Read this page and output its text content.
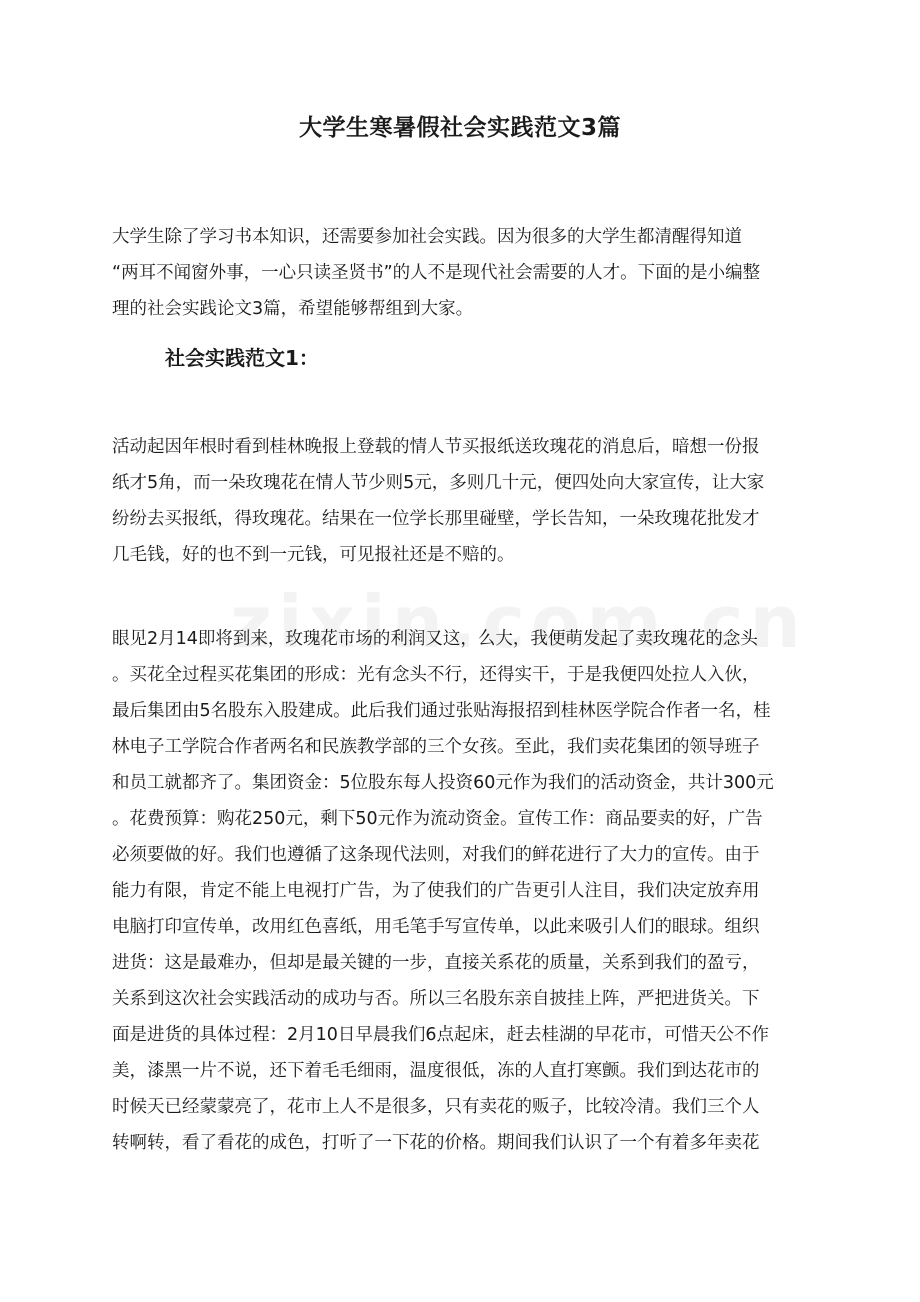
大学生寒暑假社会实践范文3篇

大学生除了学习书本知识，还需要参加社会实践。因为很多的大学生都清醒得知道
“两耳不闻窗外事，一心只读圣贤书”的人不是现代社会需要的人才。下面的是小编整
理的社会实践论文3篇，希望能够帮组到大家。

社会实践范文1：

活动起因年根时看到桂林晚报上登载的情人节买报纸送玫瑰花的消息后，暗想一份报
纸才5角，而一朵玫瑰花在情人节少则5元，多则几十元，便四处向大家宣传，让大家
纷纷去买报纸，得玫瑰花。结果在一位学长那里碰壁，学长告知，一朵玫瑰花批发才
几毛钱，好的也不到一元钱，可见报社还是不赔的。

眼见2月14即将到来，玫瑰花市场的利润又这，么大，我便萌发起了卖玫瑰花的念头
。买花全过程买花集团的形成：光有念头不行，还得实干，于是我便四处拉人入伙，
最后集团由5名股东入股建成。此后我们通过张贴海报招到桂林医学院合作者一名，桂
林电子工学院合作者两名和民族教学部的三个女孩。至此，我们卖花集团的领导班子
和员工就都齐了。集团资金：5位股东每人投资60元作为我们的活动资金，共计300元
。花费预算：购花250元，剩下50元作为流动资金。宣传工作：商品要卖的好，广告
必须要做的好。我们也遵循了这条现代法则，对我们的鲜花进行了大力的宣传。由于
能力有限，肯定不能上电视打广告，为了使我们的广告更引人注目，我们决定放弃用
电脑打印宣传单，改用红色喜纸，用毛笔手写宣传单，以此来吸引人们的眼球。组织
进货：这是最难办，但却是最关键的一步，直接关系花的质量，关系到我们的盈亏，
关系到这次社会实践活动的成功与否。所以三名股东亲自披挂上阵，严把进货关。下
面是进货的具体过程：2月10日早晨我们6点起床，赶去桂湖的早花市，可惜天公不作
美，漆黑一片不说，还下着毛毛细雨，温度很低，冻的人直打寒颤。我们到达花市的
时候天已经蒙蒙亮了，花市上人不是很多，只有卖花的贩子，比较冷清。我们三个人
转啊转，看了看花的成色，打听了一下花的价格。期间我们认识了一个有着多年卖花
